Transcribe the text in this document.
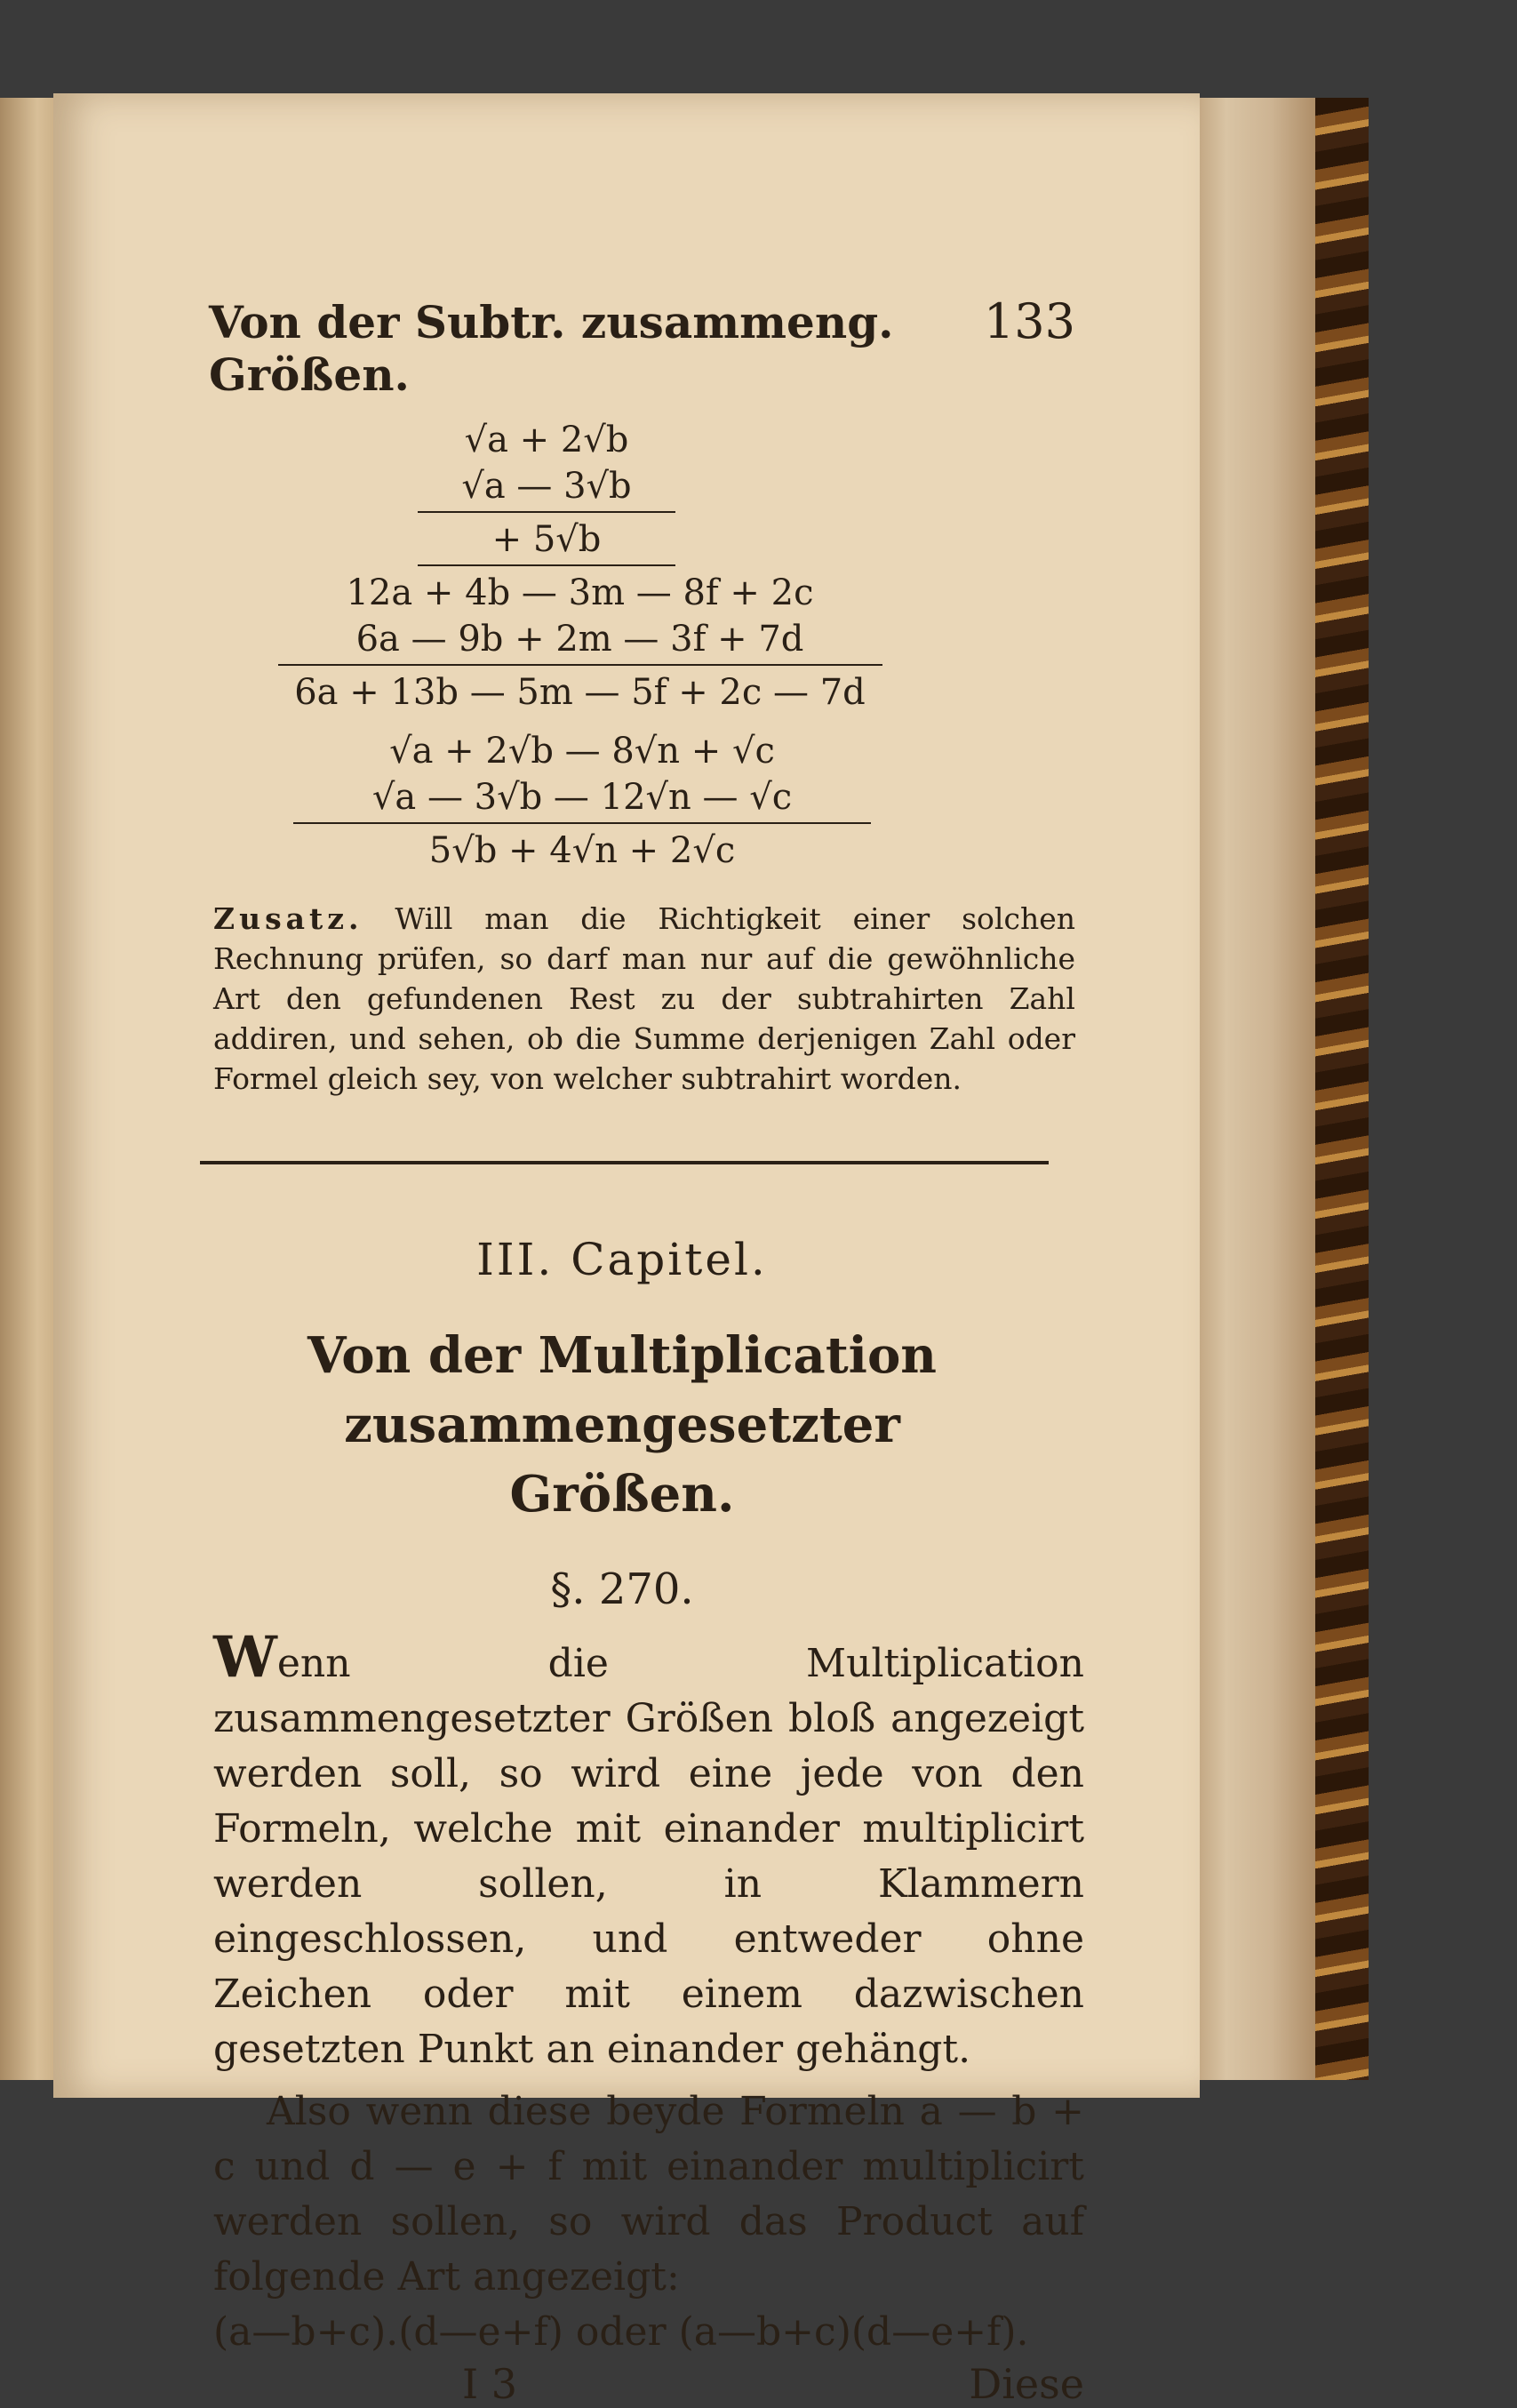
Von der Subtr. zusammeng. Größen.
133
√a + 2√b
√a — 3√b
+ 5√b
12a + 4b — 3m — 8f + 2c
6a — 9b + 2m — 3f + 7d
6a + 13b — 5m — 5f + 2c — 7d
√a + 2√b — 8√n + √c
√a — 3√b — 12√n — √c
5√b + 4√n + 2√c
Zusatz. Will man die Richtigkeit einer solchen Rechnung prüfen, so darf man nur auf die gewöhnliche Art den gefundenen Rest zu der subtrahirten Zahl addiren, und sehen, ob die Summe derjenigen Zahl oder Formel gleich sey, von welcher subtrahirt worden.
III. Capitel.
Von der Multiplication zusammengesetzter
Größen.
§. 270.
Wenn die Multiplication zusammengesetzter Größen bloß angezeigt werden soll, so wird eine jede von den Formeln, welche mit einander multiplicirt werden sollen, in Klammern eingeschlossen, und entweder ohne Zeichen oder mit einem dazwischen gesetzten Punkt an einander gehängt.
Also wenn diese beyde Formeln a — b + c und d — e + f mit einander multiplicirt werden sollen, so wird das Product auf folgende Art angezeigt:
(a—b+c).(d—e+f) oder (a—b+c)(d—e+f).
I 3	Diese
